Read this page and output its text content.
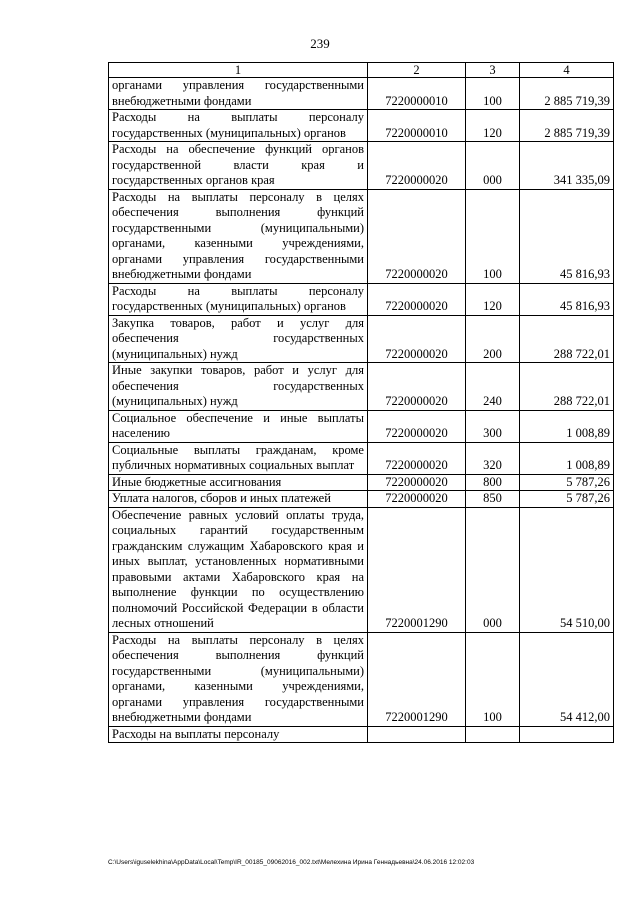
239
1	2	3	4
органами управления государственными внебюджетными фондами	7220000010	100	2 885 719,39
Расходы на выплаты персоналу государственных (муниципальных) органов	7220000010	120	2 885 719,39
Расходы на обеспечение функций органов государственной власти края и государственных органов края	7220000020	000	341 335,09
Расходы на выплаты персоналу в целях обеспечения выполнения функций государственными (муниципальными) органами, казенными учреждениями, органами управления государственными внебюджетными фондами	7220000020	100	45 816,93
Расходы на выплаты персоналу государственных (муниципальных) органов	7220000020	120	45 816,93
Закупка товаров, работ и услуг для обеспечения государственных (муниципальных) нужд	7220000020	200	288 722,01
Иные закупки товаров, работ и услуг для обеспечения государственных (муниципальных) нужд	7220000020	240	288 722,01
Социальное обеспечение и иные выплаты населению	7220000020	300	1 008,89
Социальные выплаты гражданам, кроме публичных нормативных социальных выплат	7220000020	320	1 008,89
Иные бюджетные ассигнования	7220000020	800	5 787,26
Уплата налогов, сборов и иных платежей	7220000020	850	5 787,26
Обеспечение равных условий оплаты труда, социальных гарантий государственным гражданским служащим Хабаровского края и иных выплат, установленных нормативными правовыми актами Хабаровского края на выполнение функции по осуществлению полномочий Российской Федерации в области лесных отношений	7220001290	000	54 510,00
Расходы на выплаты персоналу в целях обеспечения выполнения функций государственными (муниципальными) органами, казенными учреждениями, органами управления государственными внебюджетными фондами	7220001290	100	54 412,00
Расходы на выплаты персоналу			
C:\Users\iguselekhina\AppData\Local\Temp\IR_00185_09062016_002.txt\Мелехина Ирина Геннадьевна\24.06.2016 12:02:03
